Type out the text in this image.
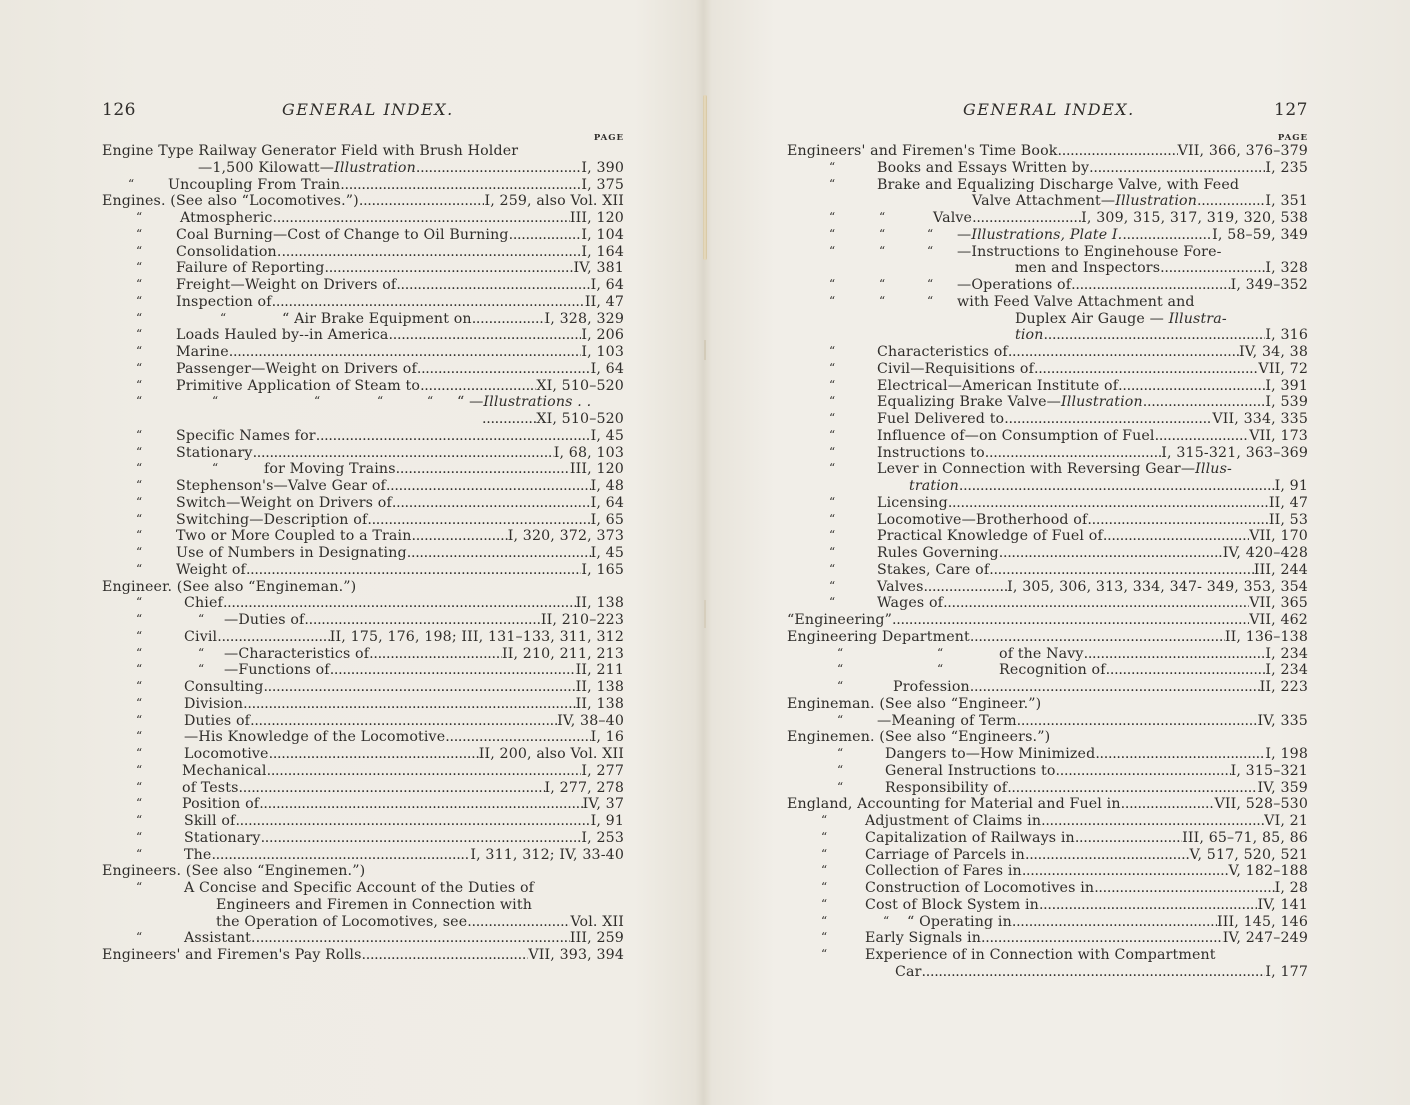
126	GENERAL INDEX.
PAGE
Engine Type Railway Generator Field with Brush Holder
—1,500 Kilowatt—Illustration . . .	I, 390
“ Uncoupling From Train . . .	I, 375
Engines. (See also “Locomotives.”) . . .	I, 259, also Vol. XII
“	Atmospheric . . .	III, 120
“ Coal Burning—Cost of Change to Oil Burning . . .	I, 104
“ Consolidation. . . .	I, 164
“ Failure of Reporting . . .	IV, 381
“ Freight—Weight on Drivers of . . .	I, 64
“ Inspection of . . .	II, 47
“	“	“ Air Brake Equipment on . . .	I, 328, 329
“ Loads Hauled by--in America . . .	I, 206
“ Marine . . .	I, 103
“ Passenger—Weight on Drivers of . . .	I, 64
“ Primitive Application of Steam to . . .	XI, 510–520
“	“	“	“	“ “ —Illustrations . .
. . .
XI, 510–520
“ Specific Names for . . .	I, 45
“ Stationary . . .	I, 68, 103
“	“	for Moving Trains . . .	III, 120
“ Stephenson's—Valve Gear of . . .	I, 48
“ Switch—Weight on Drivers of . . .	I, 64
“ Switching—Description of . . .	I, 65
“ Two or More Coupled to a Train . . .	I, 320, 372, 373
“ Use of Numbers in Designating . . .	I, 45
“ Weight of . . .	I, 165
Engineer. (See also “Engineman.”)
“	Chief . . .	II, 138
“	“ —Duties of . . .	II, 210–223
“	Civil . . .	II, 175, 176, 198; III, 131–133, 311, 312
“	“ —Characteristics of . . .	II, 210, 211, 213
“	“ —Functions of . . .	II, 211
“	Consulting . . .	II, 138
“	Division . . .	II, 138
“	Duties of . . .	IV, 38–40
“	—His Knowledge of the Locomotive . . .	I, 16
“	Locomotive . . .	II, 200, also Vol. XII
“	Mechanical . . .	I, 277
“	of Tests . . .	I, 277, 278
“	Position of . . .	IV, 37
“	Skill of . . .	I, 91
“	Stationary . . .	I, 253
“	The . . .	I, 311, 312; IV, 33-40
Engineers. (See also “Enginemen.”)
“	A Concise and Specific Account of the Duties of
Engineers and Firemen in Connection with
the Operation of Locomotives, see . . .	Vol. XII
“	Assistant. . . .	III, 259
Engineers' and Firemen's Pay Rolls . . .	VII, 393, 394
GENERAL INDEX.	127
PAGE
Engineers' and Firemen's Time Book . . .	VII, 366, 376–379
“	Books and Essays Written by . . .	I, 235
“	Brake and Equalizing Discharge Valve, with Feed
Valve Attachment—Illustration . . .	I, 351
“	“	Valve . . .	I, 309, 315, 317, 319, 320, 538
“	“	“ —Illustrations, Plate I. . . .	I, 58–59, 349
“	“	“ —Instructions to Enginehouse Fore-
men and Inspectors . . .	I, 328
“	“	“ —Operations of . . .	I, 349–352
“	“	“ with Feed Valve Attachment and
Duplex Air Gauge — Illustra-
tion . . .	I, 316
“	Characteristics of . . .	IV, 34, 38
“	Civil—Requisitions of . . .	VII, 72
“	Electrical—American Institute of . . .	I, 391
“	Equalizing Brake Valve—Illustration . . .	I, 539
“	Fuel Delivered to . . .	VII, 334, 335
“	Influence of—on Consumption of Fuel . . .	VII, 173
“	Instructions to . . .	I, 315-321, 363–369
“	Lever in Connection with Reversing Gear—Illus-
tration . . .	I, 91
“	Licensing . . .	II, 47
“	Locomotive—Brotherhood of . . .	II, 53
“	Practical Knowledge of Fuel of . . .	VII, 170
“	Rules Governing . . .	IV, 420–428
“	Stakes, Care of . . .	III, 244
“	Valves . . .	I, 305, 306, 313, 334, 347- 349, 353, 354
“	Wages of . . .	VII, 365
“Engineering” . . .	VII, 462
Engineering Department . . .	II, 136–138
“	“	of the Navy . . .	I, 234
“	“	Recognition of . . .	I, 234
“	Profession . . .	II, 223
Engineman. (See also “Engineer.”)
“ —Meaning of Term . . .	IV, 335
Enginemen. (See also “Engineers.”)
“	Dangers to—How Minimized . . .	I, 198
“	General Instructions to . . .	I, 315–321
“	Responsibility of . . .	IV, 359
England, Accounting for Material and Fuel in . . .	VII, 528–530
“	Adjustment of Claims in . . .	VI, 21
“	Capitalization of Railways in . . .	III, 65–71, 85, 86
“	Carriage of Parcels in . . .	V, 517, 520, 521
“	Collection of Fares in . . .	V, 182–188
“	Construction of Locomotives in . . .	I, 28
“	Cost of Block System in . . .	IV, 141
“	“ “ Operating in . . .	III, 145, 146
“	Early Signals in . . .	IV, 247–249
“	Experience of in Connection with Compartment
Car . . .	I, 177
